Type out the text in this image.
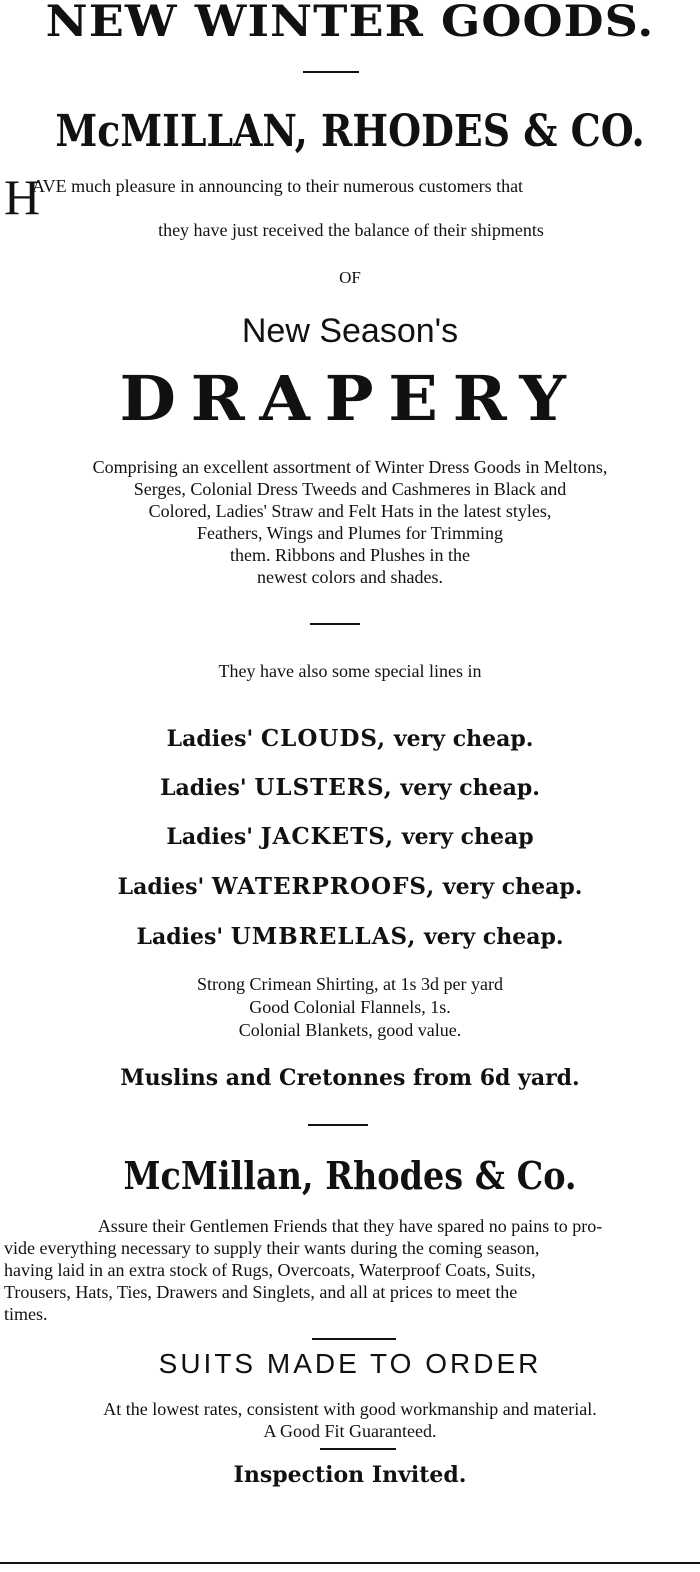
NEW WINTER GOODS.
McMILLAN, RHODES & CO.
H
AVE much pleasure in announcing to their numerous customers that
they have just received the balance of their shipments
OF
New Season's
DRAPERY
Comprising an excellent assortment of Winter Dress Goods in Meltons,
Serges, Colonial Dress Tweeds and Cashmeres in Black and
Colored, Ladies' Straw and Felt Hats in the latest styles,
Feathers, Wings and Plumes for Trimming
them. Ribbons and Plushes in the
newest colors and shades.
They have also some special lines in
Ladies' CLOUDS, very cheap.
Ladies' ULSTERS, very cheap.
Ladies' JACKETS, very cheap
Ladies' WATERPROOFS, very cheap.
Ladies' UMBRELLAS, very cheap.
Strong Crimean Shirting, at 1s 3d per yard
Good Colonial Flannels, 1s.
Colonial Blankets, good value.
Muslins and Cretonnes from 6d yard.
McMillan, Rhodes & Co.
Assure their Gentlemen Friends that they have spared no pains to pro-
vide everything necessary to supply their wants during the coming season,
having laid in an extra stock of Rugs, Overcoats, Waterproof Coats, Suits,
Trousers, Hats, Ties, Drawers and Singlets, and all at prices to meet the
times.
SUITS MADE TO ORDER
At the lowest rates, consistent with good workmanship and material.
A Good Fit Guaranteed.
Inspection Invited.
